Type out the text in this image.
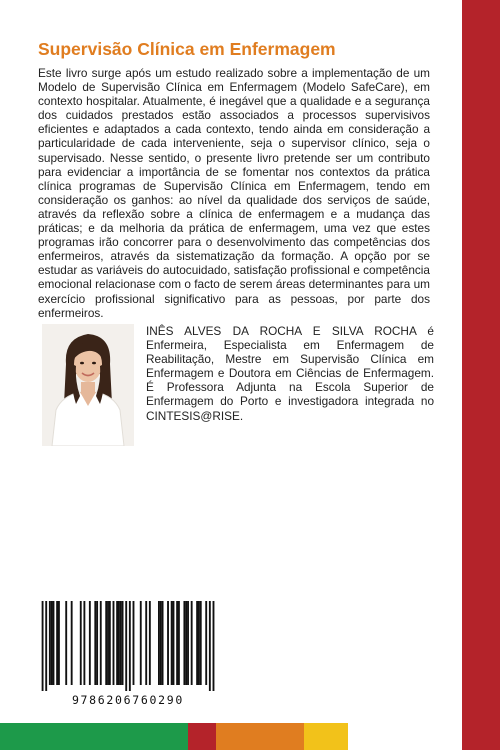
Supervisão Clínica em Enfermagem

Este livro surge após um estudo realizado sobre a implementação de um Modelo de Supervisão Clínica em Enfermagem (Modelo SafeCare), em contexto hospitalar. Atualmente, é inegável que a qualidade e a segurança dos cuidados prestados estão associados a processos supervisivos eficientes e adaptados a cada contexto, tendo ainda em consideração a particularidade de cada interveniente, seja o supervisor clínico, seja o supervisado. Nesse sentido, o presente livro pretende ser um contributo para evidenciar a importância de se fomentar nos contextos da prática clínica programas de Supervisão Clínica em Enfermagem, tendo em consideração os ganhos: ao nível da qualidade dos serviços de saúde, através da reflexão sobre a clínica de enfermagem e a mudança das práticas; e da melhoria da prática de enfermagem, uma vez que estes programas irão concorrer para o desenvolvimento das competências dos enfermeiros, através da sistematização da formação. A opção por se estudar as variáveis do autocuidado, satisfação profissional e competência emocional relacionase com o facto de serem áreas determinantes para um exercício profissional significativo para as pessoas, por parte dos enfermeiros.

INÊS ALVES DA ROCHA E SILVA ROCHA é Enfermeira, Especialista em Enfermagem de Reabilitação, Mestre em Supervisão Clínica em Enfermagem e Doutora em Ciências de Enfermagem. É Professora Adjunta na Escola Superior de Enfermagem do Porto e investigadora integrada no CINTESIS@RISE.

9786206760290
